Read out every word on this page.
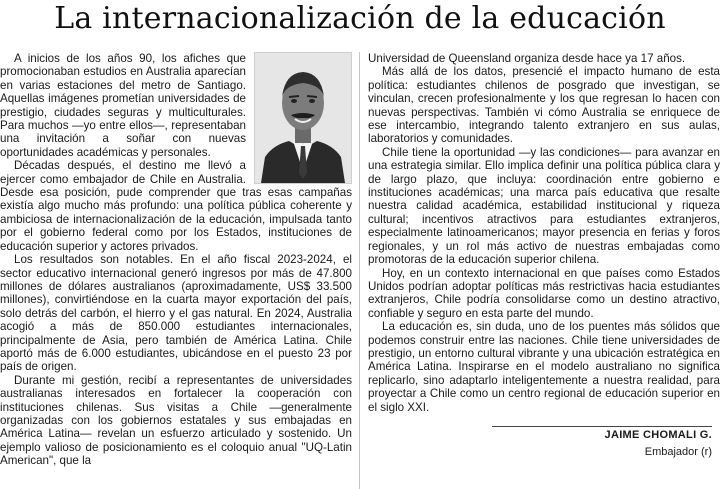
La internacionalización de la educación

A inicios de los años 90, los afiches que promocionaban estudios en Australia aparecían en varias estaciones del metro de Santiago. Aquellas imágenes prometían universidades de prestigio, ciudades seguras y multiculturales. Para muchos —yo entre ellos—, representaban una invitación a soñar con nuevas oportunidades académicas y personales.

Décadas después, el destino me llevó a ejercer como embajador de Chile en Australia. Desde esa posición, pude comprender que tras esas campañas existía algo mucho más profundo: una política pública coherente y ambiciosa de internacionalización de la educación, impulsada tanto por el gobierno federal como por los Estados, instituciones de educación superior y actores privados.

Los resultados son notables. En el año fiscal 2023-2024, el sector educativo internacional generó ingresos por más de 47.800 millones de dólares australianos (aproximadamente, US$ 33.500 millones), convirtiéndose en la cuarta mayor exportación del país, solo detrás del carbón, el hierro y el gas natural. En 2024, Australia acogió a más de 850.000 estudiantes internacionales, principalmente de Asia, pero también de América Latina. Chile aportó más de 6.000 estudiantes, ubicándose en el puesto 23 por país de origen.

Durante mi gestión, recibí a representantes de universidades australianas interesados en fortalecer la cooperación con instituciones chilenas. Sus visitas a Chile —generalmente organizadas con los gobiernos estatales y sus embajadas en América Latina— revelan un esfuerzo articulado y sostenido. Un ejemplo valioso de posicionamiento es el coloquio anual "UQ-Latin American", que la

Universidad de Queensland organiza desde hace ya 17 años.

Más allá de los datos, presencié el impacto humano de esta política: estudiantes chilenos de posgrado que investigan, se vinculan, crecen profesionalmente y los que regresan lo hacen con nuevas perspectivas. También vi cómo Australia se enriquece de ese intercambio, integrando talento extranjero en sus aulas, laboratorios y comunidades.

Chile tiene la oportunidad —y las condiciones— para avanzar en una estrategia similar. Ello implica definir una política pública clara y de largo plazo, que incluya: coordinación entre gobierno e instituciones académicas; una marca país educativa que resalte nuestra calidad académica, estabilidad institucional y riqueza cultural; incentivos atractivos para estudiantes extranjeros, especialmente latinoamericanos; mayor presencia en ferias y foros regionales, y un rol más activo de nuestras embajadas como promotoras de la educación superior chilena.

Hoy, en un contexto internacional en que países como Estados Unidos podrían adoptar políticas más restrictivas hacia estudiantes extranjeros, Chile podría consolidarse como un destino atractivo, confiable y seguro en esta parte del mundo.

La educación es, sin duda, uno de los puentes más sólidos que podemos construir entre las naciones. Chile tiene universidades de prestigio, un entorno cultural vibrante y una ubicación estratégica en América Latina. Inspirarse en el modelo australiano no significa replicarlo, sino adaptarlo inteligentemente a nuestra realidad, para proyectar a Chile como un centro regional de educación superior en el siglo XXI.

JAIME CHOMALI G.
Embajador (r)
